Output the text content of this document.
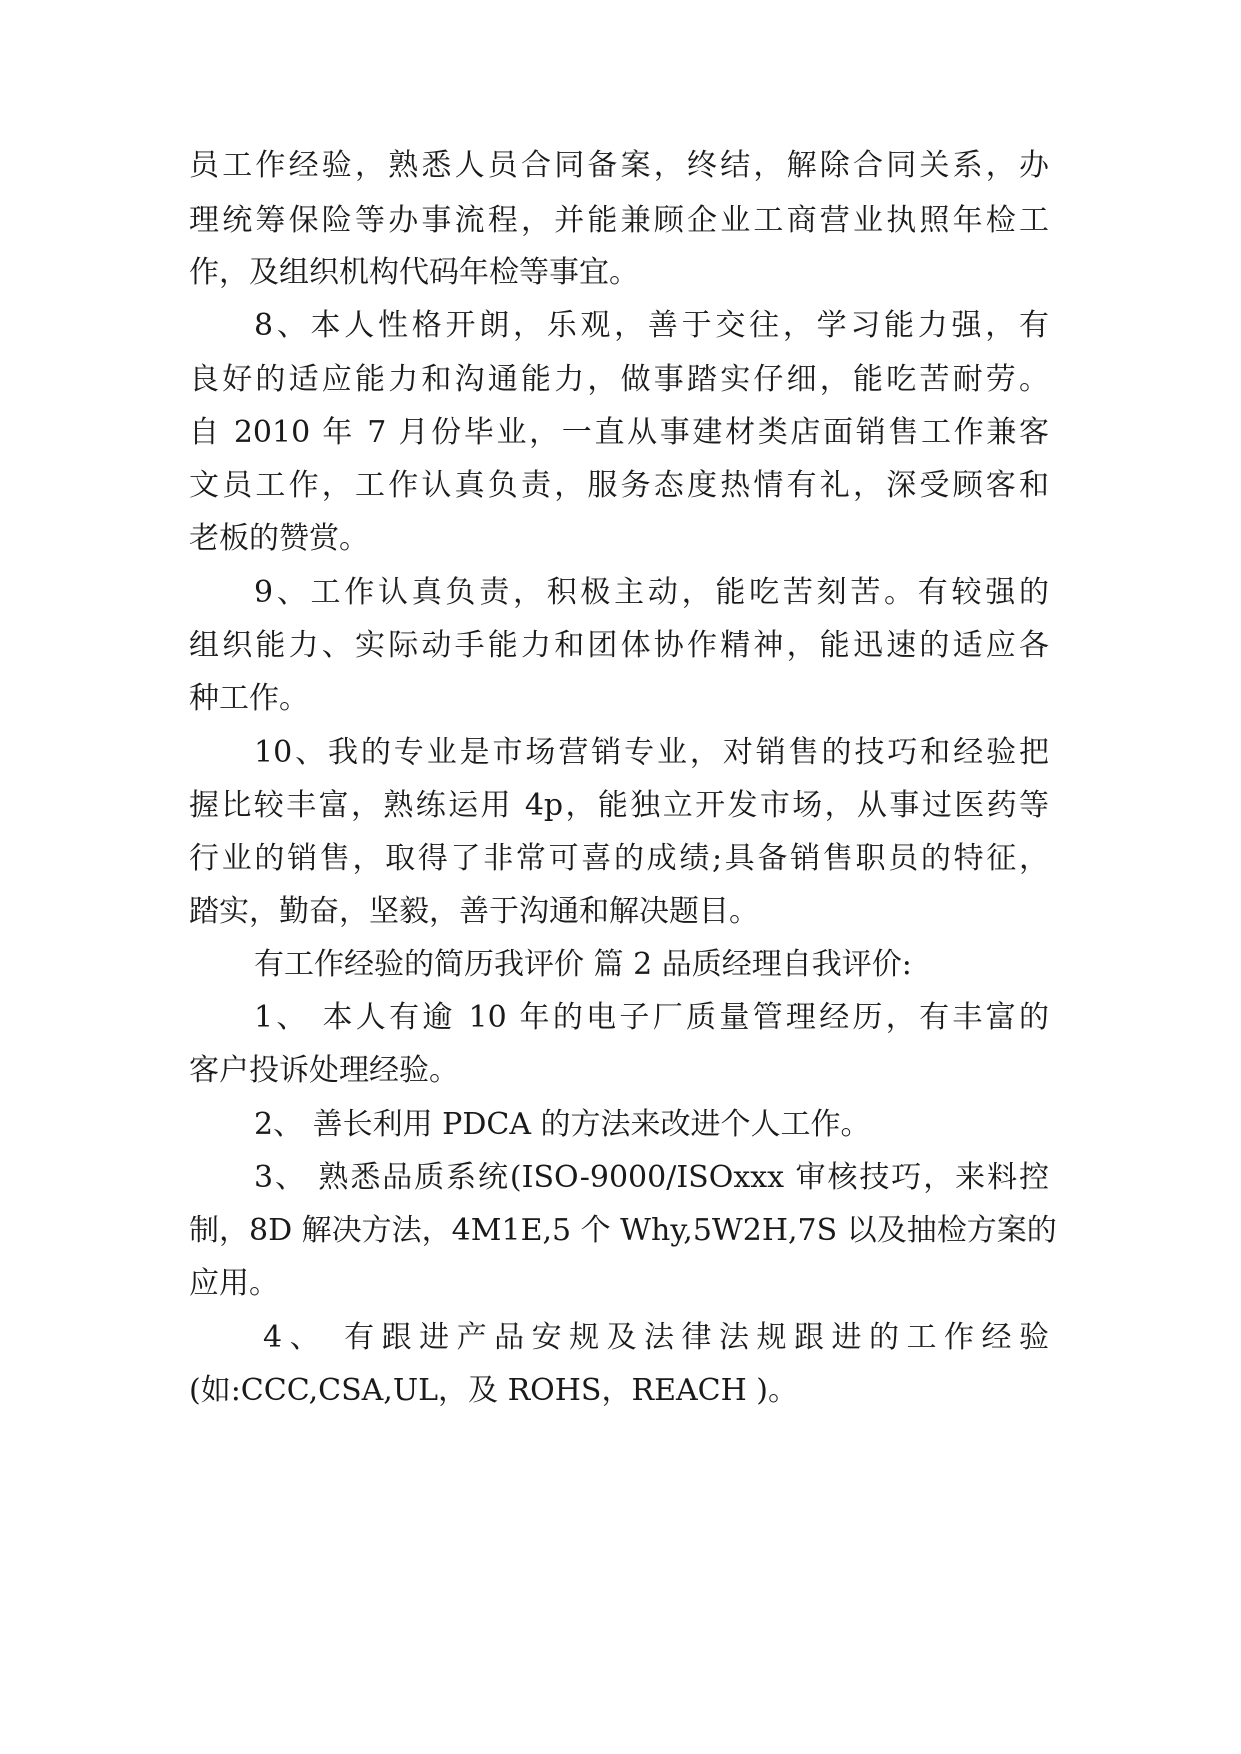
员工作经验，熟悉人员合同备案，终结，解除合同关系，办
理统筹保险等办事流程，并能兼顾企业工商营业执照年检工
作，及组织机构代码年检等事宜。
8、本人性格开朗，乐观，善于交往，学习能力强，有
良好的适应能力和沟通能力，做事踏实仔细，能吃苦耐劳。
自 2010 年 7 月份毕业，一直从事建材类店面销售工作兼客
文员工作，工作认真负责，服务态度热情有礼，深受顾客和
老板的赞赏。
9、工作认真负责，积极主动，能吃苦刻苦。有较强的
组织能力、实际动手能力和团体协作精神，能迅速的适应各
种工作。
10、我的专业是市场营销专业，对销售的技巧和经验把
握比较丰富，熟练运用 4p，能独立开发市场，从事过医药等
行业的销售，取得了非常可喜的成绩;具备销售职员的特征，
踏实，勤奋，坚毅，善于沟通和解决题目。
有工作经验的简历我评价 篇 2 品质经理自我评价:
1、 本人有逾 10 年的电子厂质量管理经历，有丰富的
客户投诉处理经验。
2、 善长利用 PDCA 的方法来改进个人工作。
3、 熟悉品质系统(ISO-9000/ISOxxx 审核技巧，来料控
制，8D 解决方法，4M1E,5 个 Why,5W2H,7S 以及抽检方案的
应用。
4、 有跟进产品安规及法律法规跟进的工作经验
(如:CCC,CSA,UL，及 ROHS，REACH )。
